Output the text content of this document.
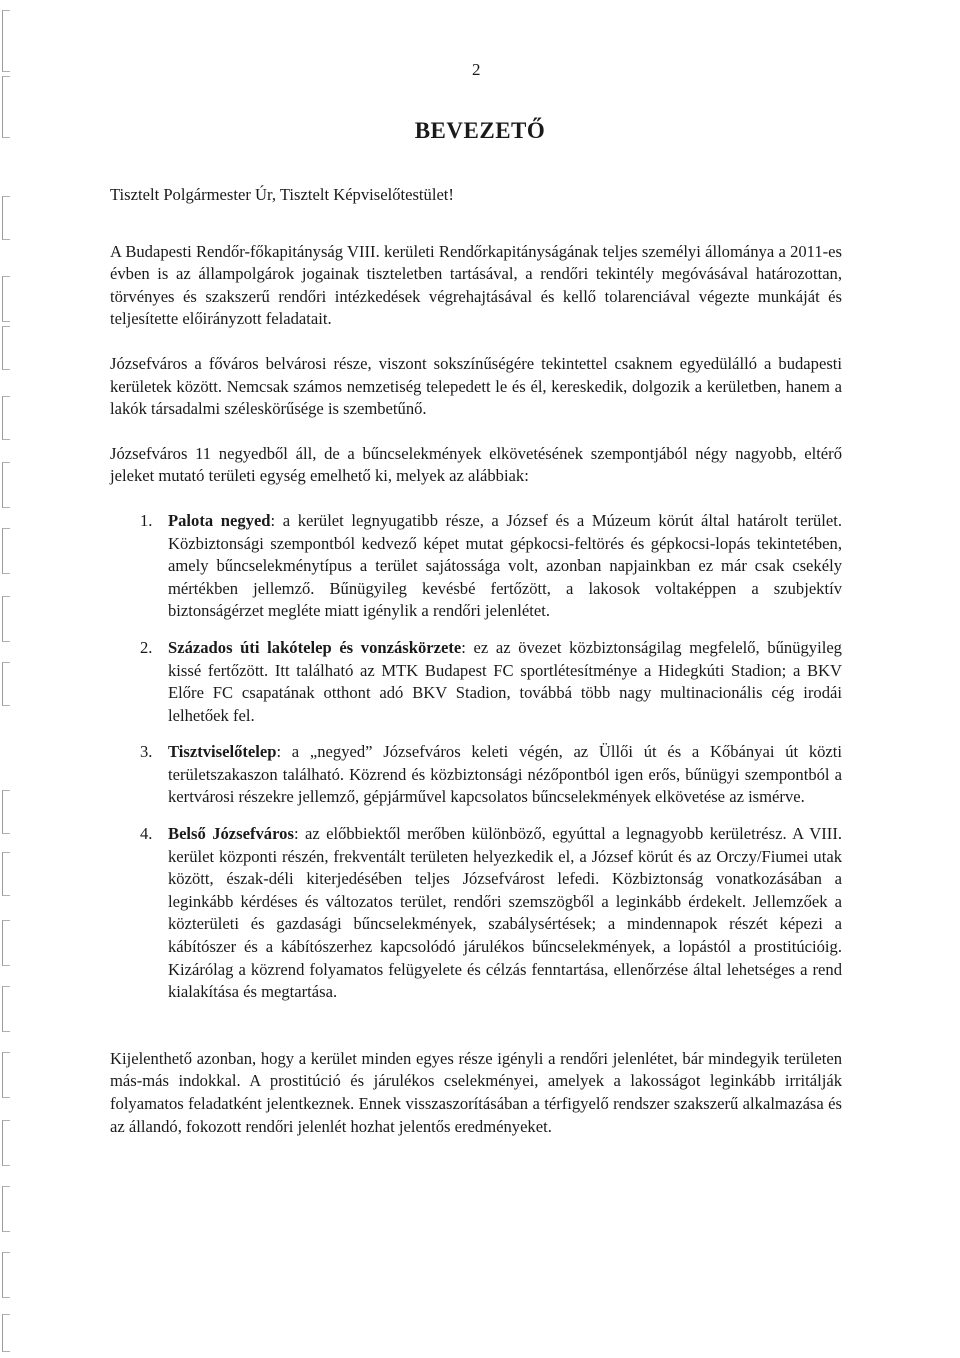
2
BEVEZETŐ

Tisztelt Polgármester Úr, Tisztelt Képviselőtestület!

A Budapesti Rendőr-főkapitányság VIII. kerületi Rendőrkapitányságának teljes személyi állománya a 2011-es évben is az állampolgárok jogainak tiszteletben tartásával, a rendőri tekintély megóvásával határozottan, törvényes és szakszerű rendőri intézkedések végrehajtásával és kellő tolarenciával végezte munkáját és teljesítette előirányzott feladatait.

Józsefváros a főváros belvárosi része, viszont sokszínűségére tekintettel csaknem egyedülálló a budapesti kerületek között. Nemcsak számos nemzetiség telepedett le és él, kereskedik, dolgozik a kerületben, hanem a lakók társadalmi széleskörűsége is szembetűnő.

Józsefváros 11 negyedből áll, de a bűncselekmények elkövetésének szempontjából négy nagyobb, eltérő jeleket mutató területi egység emelhető ki, melyek az alábbiak:

1. Palota negyed: a kerület legnyugatibb része, a József és a Múzeum körút által határolt terület. Közbiztonsági szempontból kedvező képet mutat gépkocsi-feltörés és gépkocsi-lopás tekintetében, amely bűncselekménytípus a terület sajátossága volt, azonban napjainkban ez már csak csekély mértékben jellemző. Bűnügyileg kevésbé fertőzött, a lakosok voltaképpen a szubjektív biztonságérzet megléte miatt igénylik a rendőri jelenlétet.
2. Százados úti lakótelep és vonzáskörzete: ez az övezet közbiztonságilag megfelelő, bűnügyileg kissé fertőzött. Itt található az MTK Budapest FC sportlétesítménye a Hidegkúti Stadion; a BKV Előre FC csapatának otthont adó BKV Stadion, továbbá több nagy multinacionális cég irodái lelhetőek fel.
3. Tisztviselőtelep: a „negyed” Józsefváros keleti végén, az Üllői út és a Kőbányai út közti területszakaszon található. Közrend és közbiztonsági nézőpontból igen erős, bűnügyi szempontból a kertvárosi részekre jellemző, gépjárművel kapcsolatos bűncselekmények elkövetése az ismérve.
4. Belső Józsefváros: az előbbiektől merőben különböző, egyúttal a legnagyobb kerületrész. A VIII. kerület központi részén, frekventált területen helyezkedik el, a József körút és az Orczy/Fiumei utak között, észak-déli kiterjedésében teljes Józsefvárost lefedi. Közbiztonság vonatkozásában a leginkább kérdéses és változatos terület, rendőri szemszögből a leginkább érdekelt. Jellemzőek a közterületi és gazdasági bűncselekmények, szabálysértések; a mindennapok részét képezi a kábítószer és a kábítószerhez kapcsolódó járulékos bűncselekmények, a lopástól a prostitúcióig. Kizárólag a közrend folyamatos felügyelete és célzás fenntartása, ellenőrzése által lehetséges a rend kialakítása és megtartása.

Kijelenthető azonban, hogy a kerület minden egyes része igényli a rendőri jelenlétet, bár mindegyik területen más-más indokkal. A prostitúció és járulékos cselekményei, amelyek a lakosságot leginkább irritálják folyamatos feladatként jelentkeznek. Ennek visszaszorításában a térfigyelő rendszer szakszerű alkalmazása és az állandó, fokozott rendőri jelenlét hozhat jelentős eredményeket.
